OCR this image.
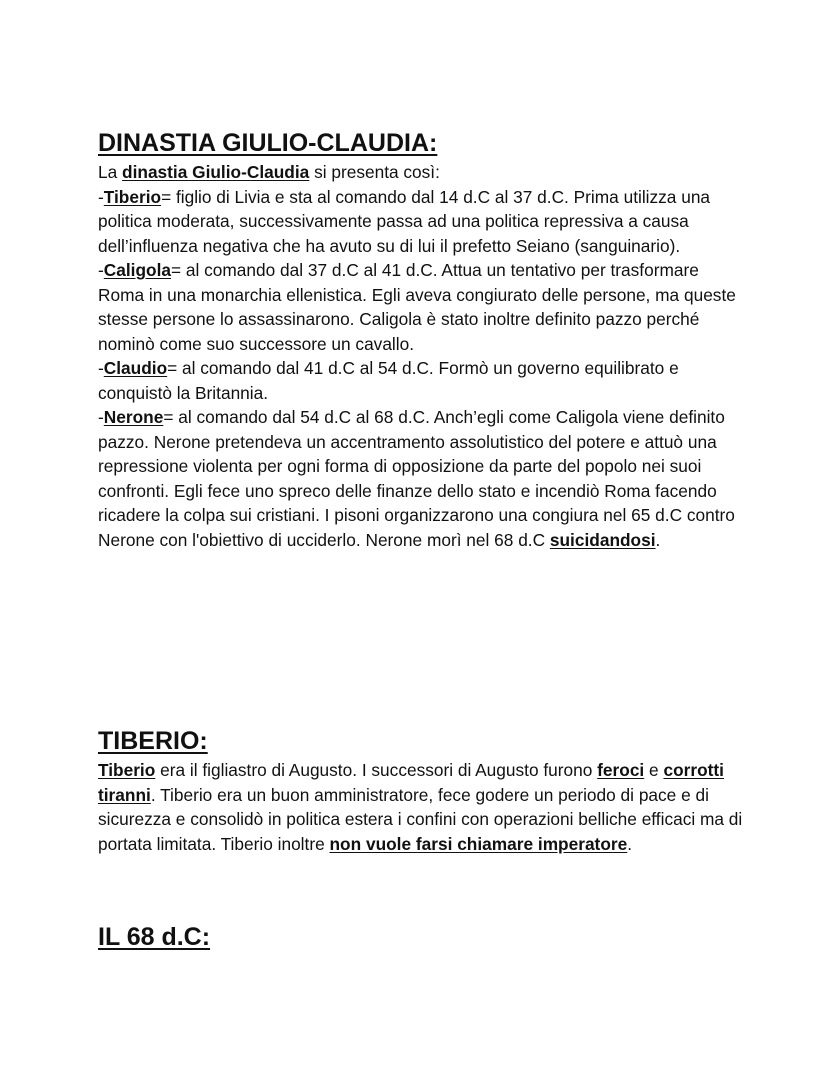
DINASTIA GIULIO-CLAUDIA:

La dinastia Giulio-Claudia si presenta così:

-Tiberio= figlio di Livia e sta al comando dal 14 d.C al 37 d.C. Prima utilizza una politica moderata, successivamente passa ad una politica repressiva a causa dell’influenza negativa che ha avuto su di lui il prefetto Seiano (sanguinario).

-Caligola= al comando dal 37 d.C al 41 d.C. Attua un tentativo per trasformare Roma in una monarchia ellenistica. Egli aveva congiurato delle persone, ma queste stesse persone lo assassinarono. Caligola è stato inoltre definito pazzo perché nominò come suo successore un cavallo.

-Claudio= al comando dal 41 d.C al 54 d.C. Formò un governo equilibrato e conquistò la Britannia.

-Nerone= al comando dal 54 d.C al 68 d.C. Anch’egli come Caligola viene definito pazzo. Nerone pretendeva un accentramento assolutistico del potere e attuò una repressione violenta per ogni forma di opposizione da parte del popolo nei suoi confronti. Egli fece uno spreco delle finanze dello stato e incendiò Roma facendo ricadere la colpa sui cristiani. I pisoni organizzarono una congiura nel 65 d.C contro Nerone con l'obiettivo di ucciderlo. Nerone morì nel 68 d.C suicidandosi.

TIBERIO:

Tiberio era il figliastro di Augusto. I successori di Augusto furono feroci e corrotti tiranni. Tiberio era un buon amministratore, fece godere un periodo di pace e di sicurezza e consolidò in politica estera i confini con operazioni belliche efficaci ma di portata limitata. Tiberio inoltre non vuole farsi chiamare imperatore.

IL 68 d.C:
